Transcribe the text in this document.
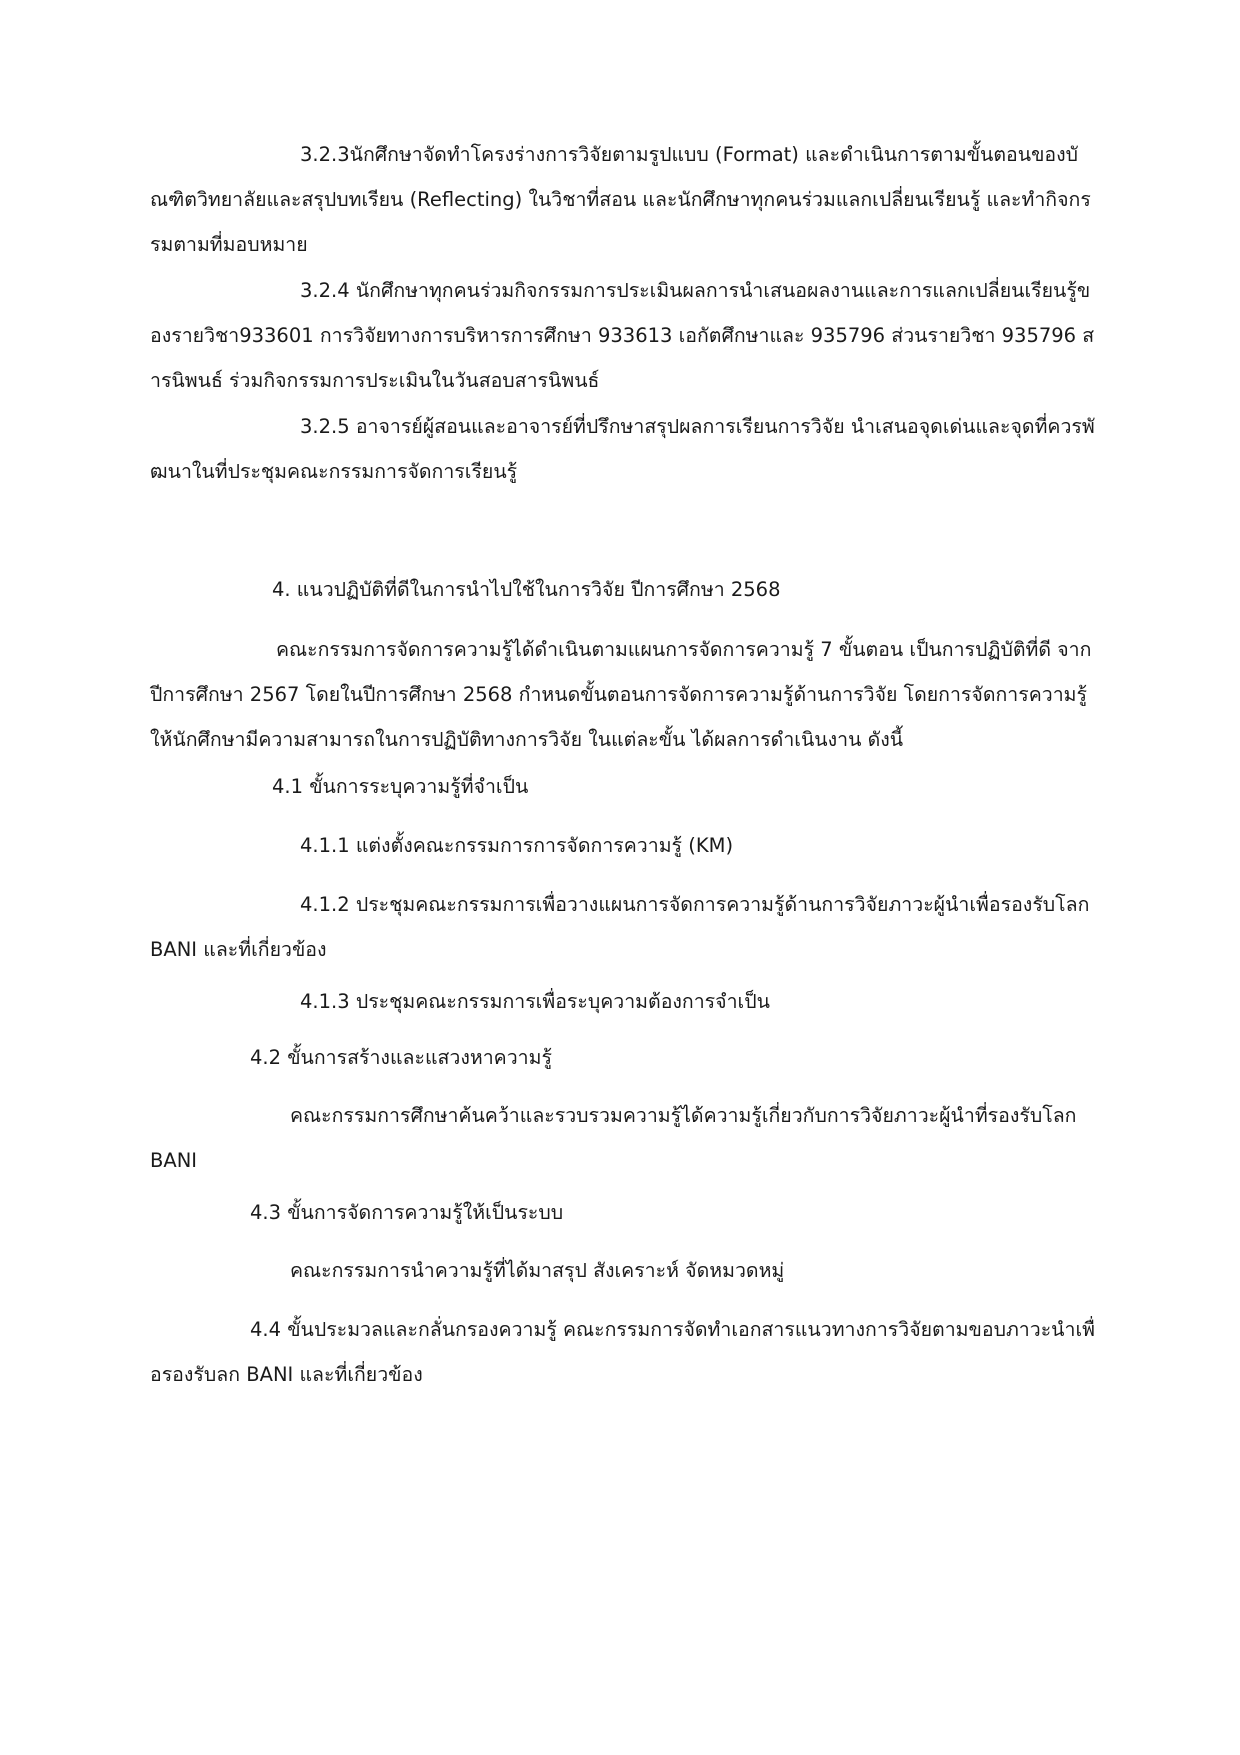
3.2.3นักศึกษาจัดทำโครงร่างการวิจัยตามรูปแบบ (Format) และดำเนินการตามขั้นตอนของบัณฑิตวิทยาลัยและสรุปบทเรียน (Reflecting) ในวิชาที่สอน และนักศึกษาทุกคนร่วมแลกเปลี่ยนเรียนรู้ และทำกิจกรรมตามที่มอบหมาย

3.2.4 นักศึกษาทุกคนร่วมกิจกรรมการประเมินผลการนำเสนอผลงานและการแลกเปลี่ยนเรียนรู้ของรายวิชา933601 การวิจัยทางการบริหารการศึกษา 933613 เอกัตศึกษาและ 935796 ส่วนรายวิชา 935796 สารนิพนธ์ ร่วมกิจกรรมการประเมินในวันสอบสารนิพนธ์

3.2.5 อาจารย์ผู้สอนและอาจารย์ที่ปรึกษาสรุปผลการเรียนการวิจัย นำเสนอจุดเด่นและจุดที่ควรพัฒนาในที่ประชุมคณะกรรมการจัดการเรียนรู้

4. แนวปฏิบัติที่ดีในการนำไปใช้ในการวิจัย ปีการศึกษา 2568

คณะกรรมการจัดการความรู้ได้ดำเนินตามแผนการจัดการความรู้ 7 ขั้นตอน เป็นการปฏิบัติที่ดี จากปีการศึกษา 2567 โดยในปีการศึกษา 2568 กำหนดขั้นตอนการจัดการความรู้ด้านการวิจัย โดยการจัดการความรู้ให้นักศึกษามีความสามารถในการปฏิบัติทางการวิจัย ในแต่ละขั้น ได้ผลการดำเนินงาน ดังนี้

4.1 ขั้นการระบุความรู้ที่จำเป็น

4.1.1 แต่งตั้งคณะกรรมการการจัดการความรู้ (KM)

4.1.2 ประชุมคณะกรรมการเพื่อวางแผนการจัดการความรู้ด้านการวิจัยภาวะผู้นำเพื่อรองรับโลก BANI และที่เกี่ยวข้อง

4.1.3 ประชุมคณะกรรมการเพื่อระบุความต้องการจำเป็น

4.2 ขั้นการสร้างและแสวงหาความรู้

คณะกรรมการศึกษาค้นคว้าและรวบรวมความรู้ได้ความรู้เกี่ยวกับการวิจัยภาวะผู้นำที่รองรับโลก BANI

4.3 ขั้นการจัดการความรู้ให้เป็นระบบ

คณะกรรมการนำความรู้ที่ได้มาสรุป สังเคราะห์ จัดหมวดหมู่

4.4 ขั้นประมวลและกลั่นกรองความรู้ คณะกรรมการจัดทำเอกสารแนวทางการวิจัยตามขอบภาวะนำเพื่อรองรับลก BANI และที่เกี่ยวข้อง
